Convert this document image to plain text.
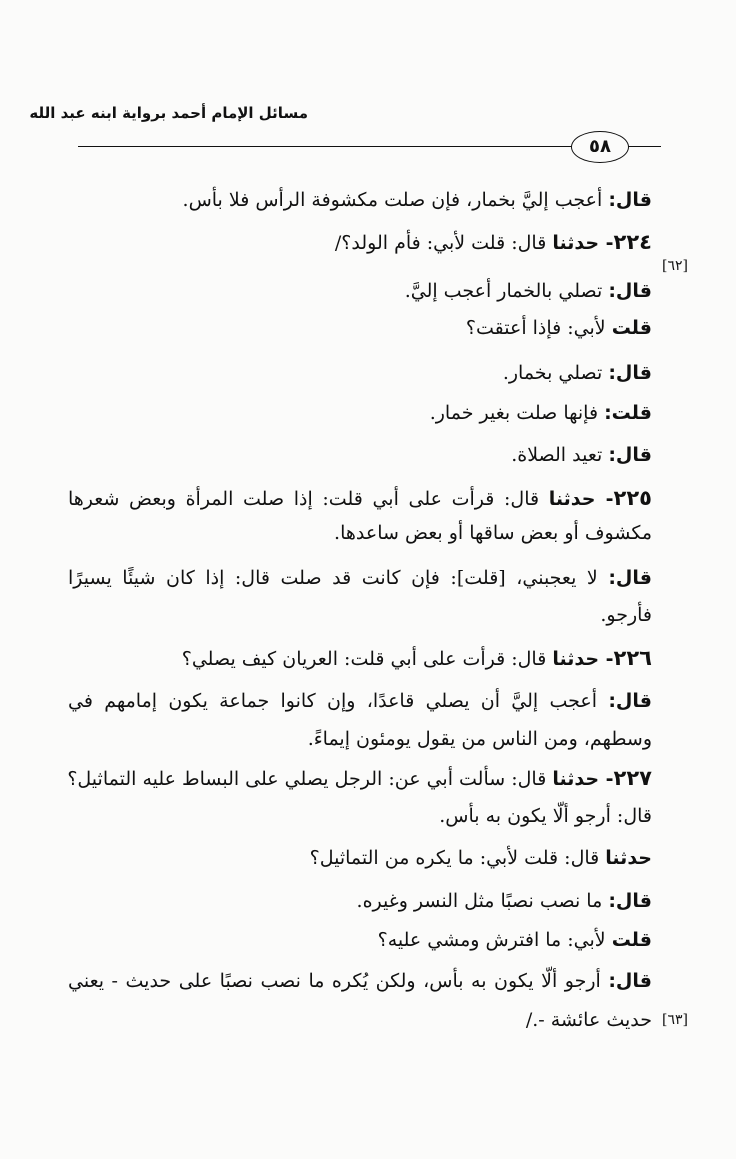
مسائل الإمام أحمد برواية ابنه عبد الله
٥٨
[٦٢]
[٦٣]
قال: أعجب إليَّ بخمار، فإن صلت مكشوفة الرأس فلا بأس.
٢٢٤- حدثنا قال: قلت لأبي: فأم الولد؟/
قال: تصلي بالخمار أعجب إليَّ.
قلت لأبي: فإذا أعتقت؟
قال: تصلي بخمار.
قلت: فإنها صلت بغير خمار.
قال: تعيد الصلاة.
٢٢٥- حدثنا قال: قرأت على أبي قلت: إذا صلت المرأة وبعض شعرها
مكشوف أو بعض ساقها أو بعض ساعدها.
قال: لا يعجبني، [قلت]: فإن كانت قد صلت قال: إذا كان شيئًا يسيرًا
فأرجو.
٢٢٦- حدثنا قال: قرأت على أبي قلت: العريان كيف يصلي؟
قال: أعجب إليَّ أن يصلي قاعدًا، وإن كانوا جماعة يكون إمامهم في
وسطهم، ومن الناس من يقول يومئون إيماءً.
٢٢٧- حدثنا قال: سألت أبي عن: الرجل يصلي على البساط عليه التماثيل؟
قال: أرجو ألّا يكون به بأس.
حدثنا قال: قلت لأبي: ما يكره من التماثيل؟
قال: ما نصب نصبًا مثل النسر وغيره.
قلت لأبي: ما افترش ومشي عليه؟
قال: أرجو ألّا يكون به بأس، ولكن يُكره ما نصب نصبًا على حديث - يعني
حديث عائشة -./
